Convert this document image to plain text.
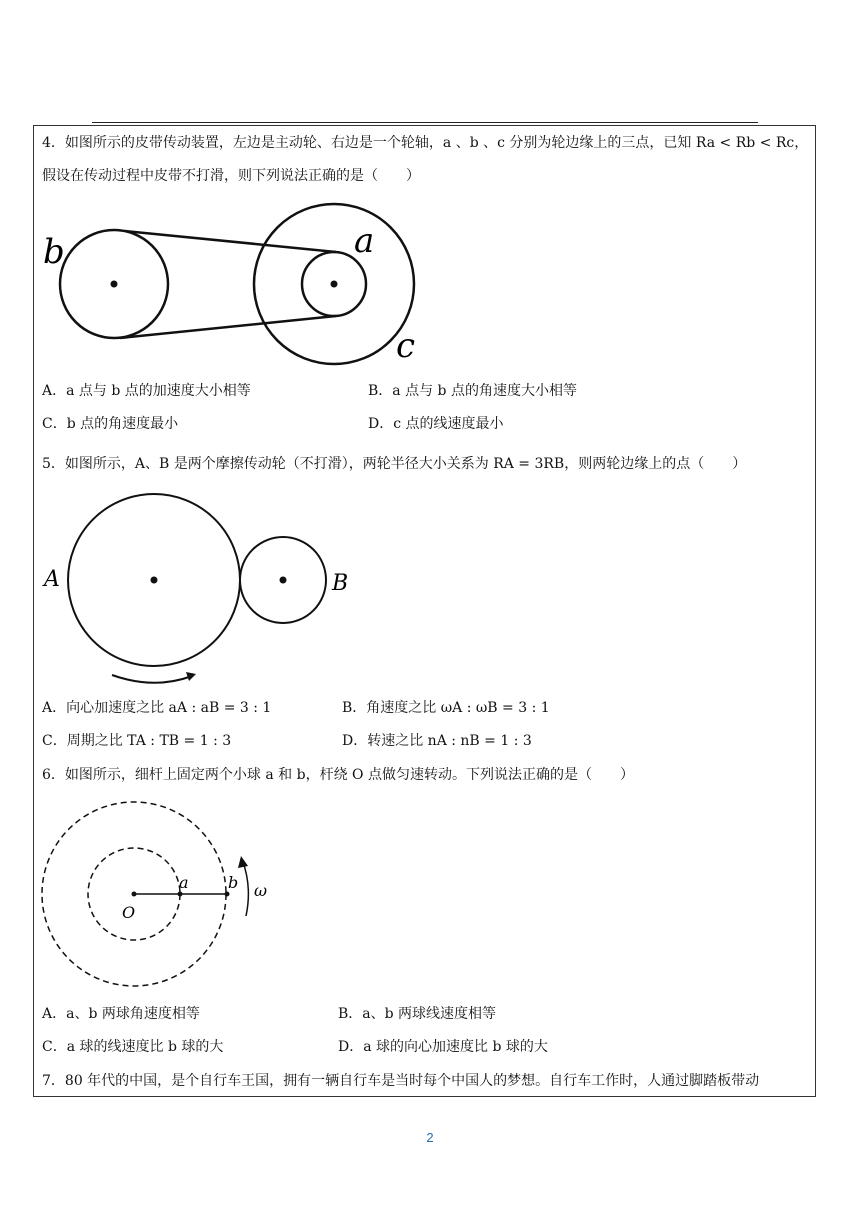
4．如图所示的皮带传动装置，左边是主动轮、右边是一个轮轴，a 、b 、c 分别为轮边缘上的三点，已知 Ra < Rb < Rc，
假设在传动过程中皮带不打滑，则下列说法正确的是（　　）
b	a
c
A．a 点与 b 点的加速度大小相等	B．a 点与 b 点的角速度大小相等
C．b 点的角速度最小	D．c 点的线速度最小
5．如图所示，A、B 是两个摩擦传动轮（不打滑），两轮半径大小关系为 RA = 3RB，则两轮边缘上的点（　　）
A	B
A．向心加速度之比 aA : aB = 3 : 1	B．角速度之比 ωA : ωB = 3 : 1
C．周期之比 TA : TB = 1 : 3	D．转速之比 nA : nB = 1 : 3
6．如图所示，细杆上固定两个小球 a 和 b，杆绕 O 点做匀速转动。下列说法正确的是（　　）
O
a b ω
A．a、b 两球角速度相等	B．a、b 两球线速度相等
C．a 球的线速度比 b 球的大	D．a 球的向心加速度比 b 球的大
7．80 年代的中国，是个自行车王国，拥有一辆自行车是当时每个中国人的梦想。自行车工作时，人通过脚踏板带动
2
